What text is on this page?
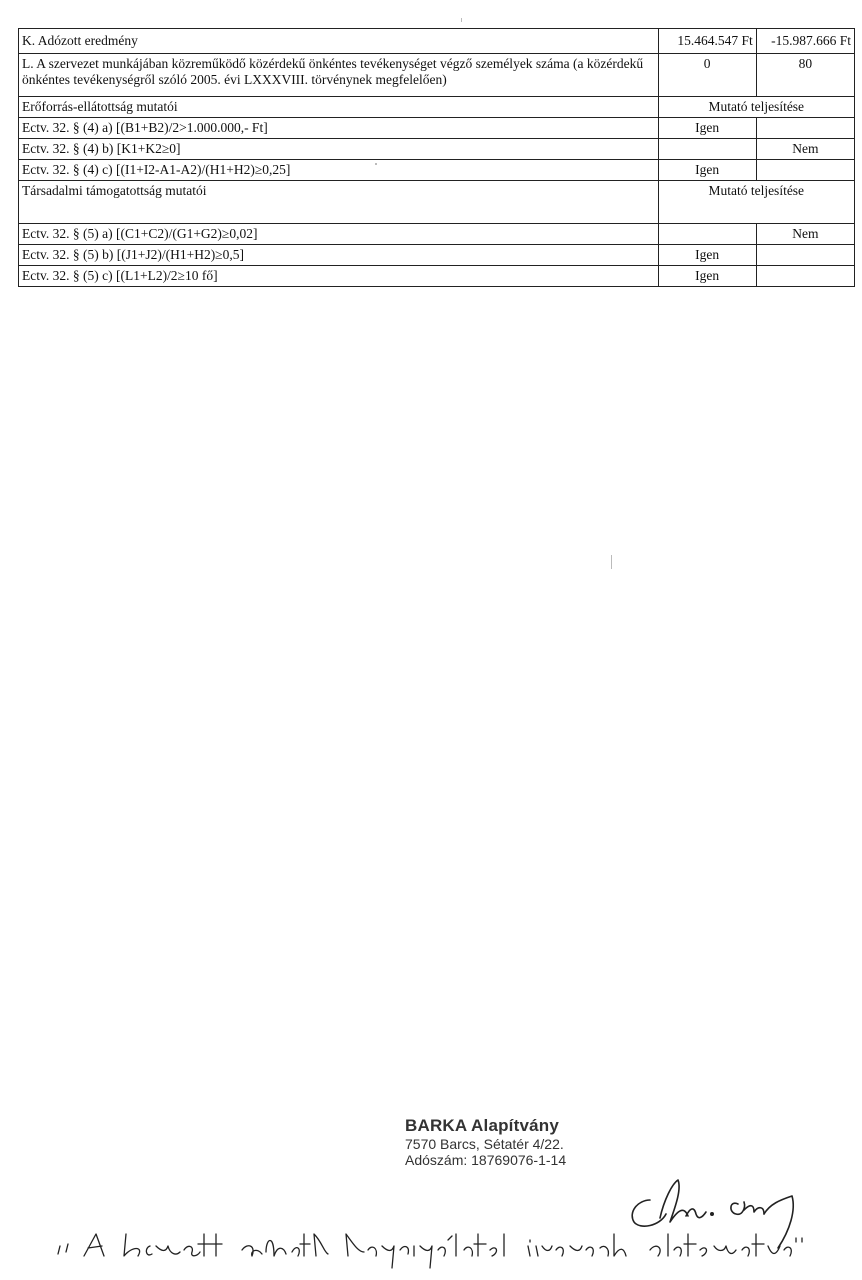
K. Adózott eredmény	15.464.547 Ft	-15.987.666 Ft
L. A szervezet munkájában közreműködő közérdekű önkéntes tevékenységet végző személyek száma (a közérdekű önkéntes tevékenységről szóló 2005. évi LXXXVIII. törvénynek megfelelően)	0	80
Erőforrás-ellátottság mutatói	Mutató teljesítése	
Ectv. 32. § (4) a) [(B1+B2)/2>1.000.000,- Ft]	Igen	
Ectv. 32. § (4) b) [K1+K2≥0]		Nem
Ectv. 32. § (4) c) [(I1+I2-A1-A2)/(H1+H2)≥0,25]	Igen	
Társadalmi támogatottság mutatói	Mutató teljesítése	
Ectv. 32. § (5) a) [(C1+C2)/(G1+G2)≥0,02]		Nem
Ectv. 32. § (5) b) [(J1+J2)/(H1+H2)≥0,5]	Igen	
Ectv. 32. § (5) c) [(L1+L2)/2≥10 fő]	Igen	
BARKA Alapítvány
7570 Barcs, Sétatér 4/22.
Adószám: 18769076-1-14
